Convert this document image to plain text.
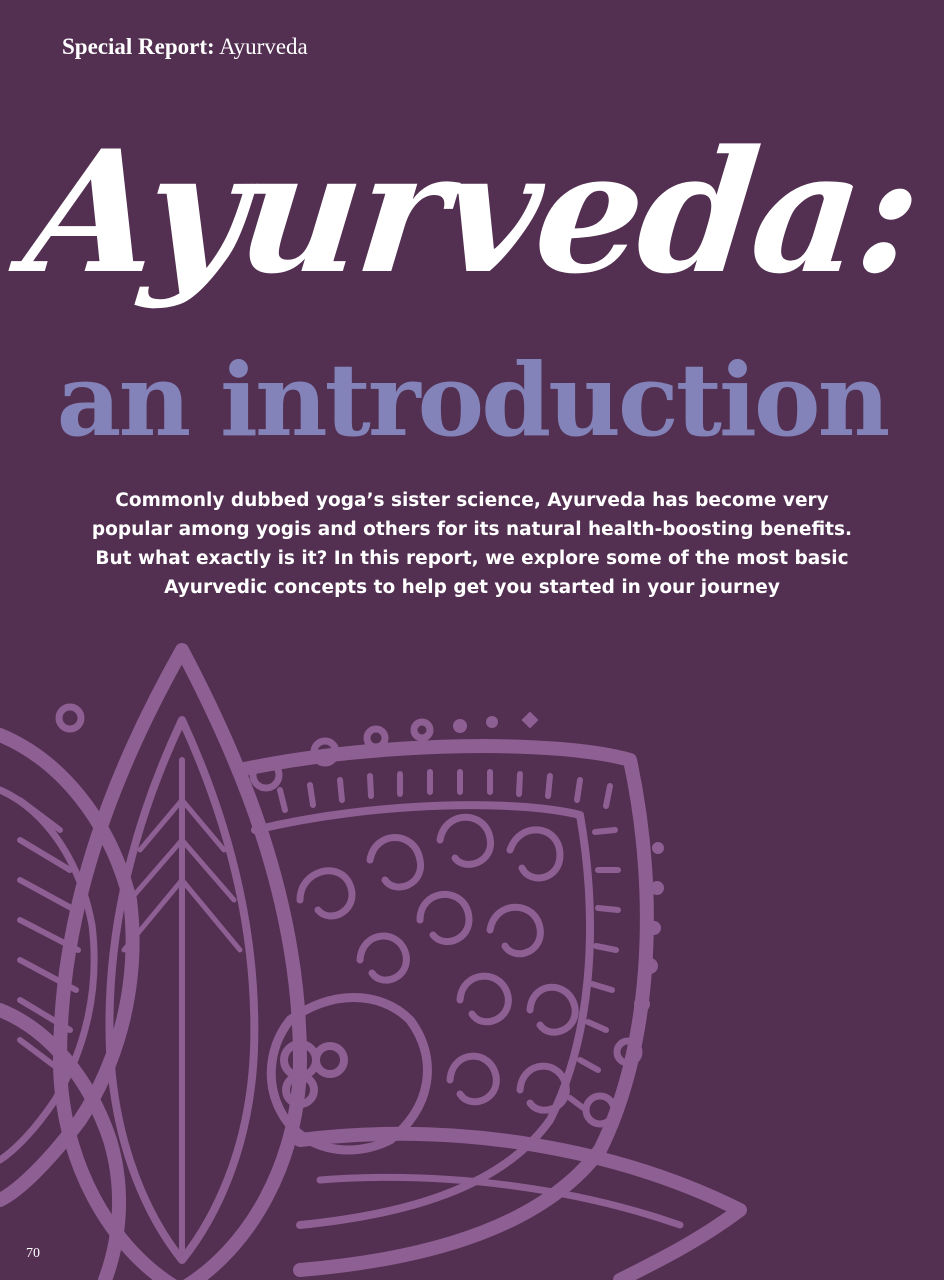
Special Report: Ayurveda
Ayurveda:
an introduction
Commonly dubbed yoga’s sister science, Ayurveda has become very popular among yogis and others for its natural health-boosting benefits. But what exactly is it? In this report, we explore some of the most basic Ayurvedic concepts to help get you started in your journey
70
